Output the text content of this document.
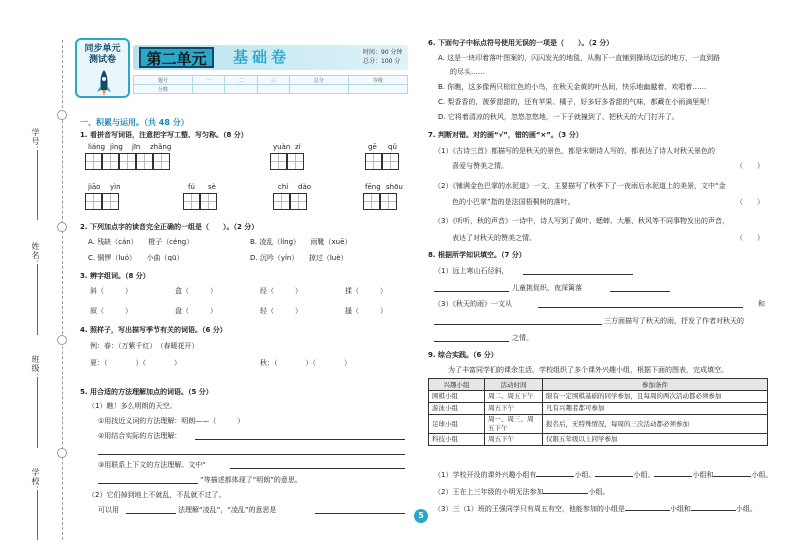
学号：
姓名：
班级：
学校：
同步单元
测试卷	第二单元	基础卷	时间：90 分钟
总分：100 分
题号	一	二	三	总分	等级
分数					
一、积累与运用。（共 48 分）
1. 看拼音写词语，注意把字写工整、写匀称。（8 分）
liáng jìng jīn zhǎng	yuàn zi	gē qǔ
jiāo yìn	fú sè	chí dào	fēng shōu
2. 下列加点字的读音完全正确的一组是（　　）。（2 分）
A. 残缺（cán）　　橙子（céng）	B. 凌乱（líng）　　雨靴（xuē）
C. 铜锣（luó）　　小曲（qū）	D. 沉吟（yín）　　掠过（luè）
3. 辨字组词。（8 分）
斜（　　　）	盒（　　　）	经（　　　）	揉（　　　）
叙（　　　）	盘（　　　）	轻（　　　）	搔（　　　）
4. 照样子，写出描写季节有关的词语。（6 分）
例：春：（万紫千红）　（春暖花开）
夏：（　　　　）（　　　　）	秋：（　　　　）（　　　　）
5. 用合适的方法理解加点的词语。（5 分）
（1）瞧！多么明朗的天空。
①用找近义词的方法理解：明朗——（　　　）
②用结合实际的方法理解：
③用联系上下文的方法理解。文中“
”等描述都体现了“明朗”的意思。
（2）它们掉到地上不就乱，不乱就不过了。
可以用	法理解“凌乱”，“凌乱”的意思是
5
6. 下面句子中标点符号使用无误的一项是（　　）。（2 分）
A. 这是一块印着落叶图案的，闪闪发光的地毯，从胸下一直铺到操场边远的地方，一直到路
的尽头……
B. 你瞧，这多像两只棕红色的小鸟，在秋天金黄的叶丛间，快乐地幽越着、欢唱着……
C. 梨香香的，菠萝甜甜的，还有苹果、橘子，好多好多香甜的气味，都藏在小雨滴里呢！
D. 它将着清凉的秋风，忽悠忽悠地，一下子就撞到了、把秋天的大门打开了。
7. 判断对错。对的画“√”，错的画“×”。（3 分）
（1）《古诗三首》都描写的是秋天的景色，都是宋朝诗人写的，都表达了诗人对秋天景色的
喜爱与赞美之情。	（　　）
（2）《铺满金色巴掌的水泥道》一文，主要描写了秋季下了一夜雨后水泥道上的美景，文中“金
色的小巴掌”指的是法国梧桐树的落叶。	（　　）
（3）《听听，秋的声音》一诗中，诗人写到了黄叶、蟋蟀、大雁、秋风等不同事物发出的声音，
表达了对秋天的赞美之情。	（　　）
8. 根据所学知识填空。（7 分）
（1）远上寒山石径斜，
儿童挑促织，夜深篱落
（3）《秋天的雨》一文从	和
三方面描写了秋天的雨，抒发了作者对秋天的
之情。
9. 综合实践。（6 分）
为了丰富同学们的课余生活，学校组织了多个课外兴趣小组，根据下面的图表，完成填空。
兴趣小组	活动时间	参加条件
围棋小组	周二、周五下午	限有一定围棋基础的同学参加，且每周的两次活动都必须参加
游泳小组	周五下午	凡有兴趣者都可参加
足球小组	周一、周三、周五下午	报名后，无特殊情况，每周的三次活动都必须参加
科技小组	周五下午	仅限五年级以上同学参加
（1）学校开设的课外兴趣小组有	小组、	小组、	小组和	小组。
（2）王在上三年级的小明无法参加	小组。
（3）三（1）班的王强同学只有周五有空，他能参加的小组是	小组和	小组。
